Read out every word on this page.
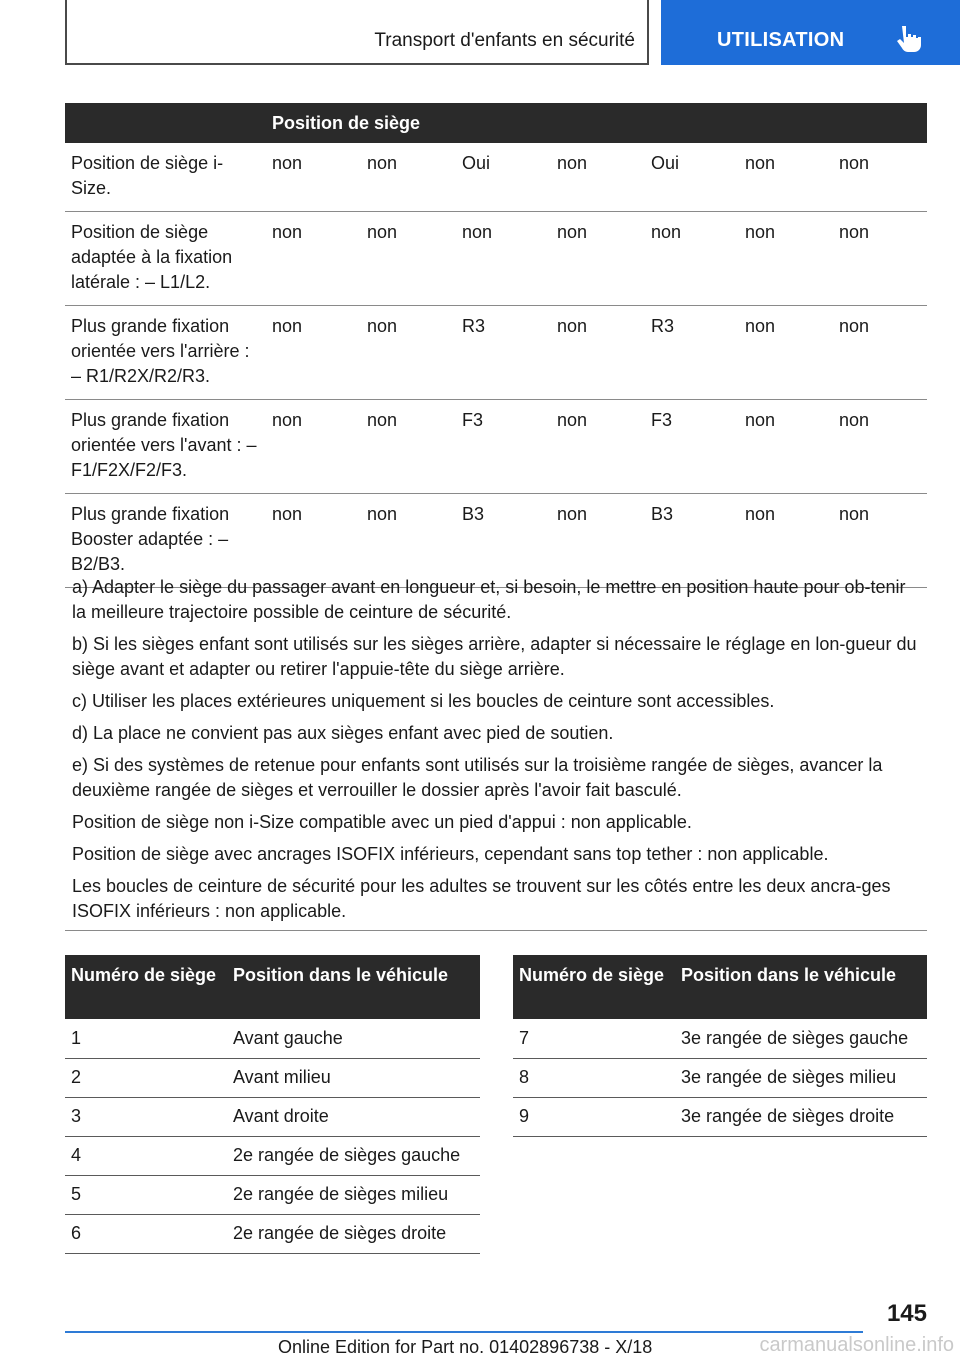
Transport d'enfants en sécurité	UTILISATION
	Position de siège						
Position de siège i-Size.	non	non	Oui	non	Oui	non	non
Position de siège adaptée à la fixation latérale : – L1/L2.	non	non	non	non	non	non	non
Plus grande fixation orientée vers l'arrière : – R1/R2X/R2/R3.	non	non	R3	non	R3	non	non
Plus grande fixation orientée vers l'avant : – F1/F2X/F2/F3.	non	non	F3	non	F3	non	non
Plus grande fixation Booster adaptée : – B2/B3.	non	non	B3	non	B3	non	non

a) Adapter le siège du passager avant en longueur et, si besoin, le mettre en position haute pour ob-tenir la meilleure trajectoire possible de ceinture de sécurité.

b) Si les sièges enfant sont utilisés sur les sièges arrière, adapter si nécessaire le réglage en lon-gueur du siège avant et adapter ou retirer l'appuie-tête du siège arrière.

c) Utiliser les places extérieures uniquement si les boucles de ceinture sont accessibles.

d) La place ne convient pas aux sièges enfant avec pied de soutien.

e) Si des systèmes de retenue pour enfants sont utilisés sur la troisième rangée de sièges, avancer la deuxième rangée de sièges et verrouiller le dossier après l'avoir fait basculé.

Position de siège non i-Size compatible avec un pied d'appui : non applicable.

Position de siège avec ancrages ISOFIX inférieurs, cependant sans top tether : non applicable.

Les boucles de ceinture de sécurité pour les adultes se trouvent sur les côtés entre les deux ancra-ges ISOFIX inférieurs : non applicable.

Numéro de siège	Position dans le véhicule
1	Avant gauche
2	Avant milieu
3	Avant droite
4	2e rangée de sièges gauche
5	2e rangée de sièges milieu
6	2e rangée de sièges droite
Numéro de siège	Position dans le véhicule
7	3e rangée de sièges gauche
8	3e rangée de sièges milieu
9	3e rangée de sièges droite
145
Online Edition for Part no. 01402896738 - X/18	carmanualsonline.info
